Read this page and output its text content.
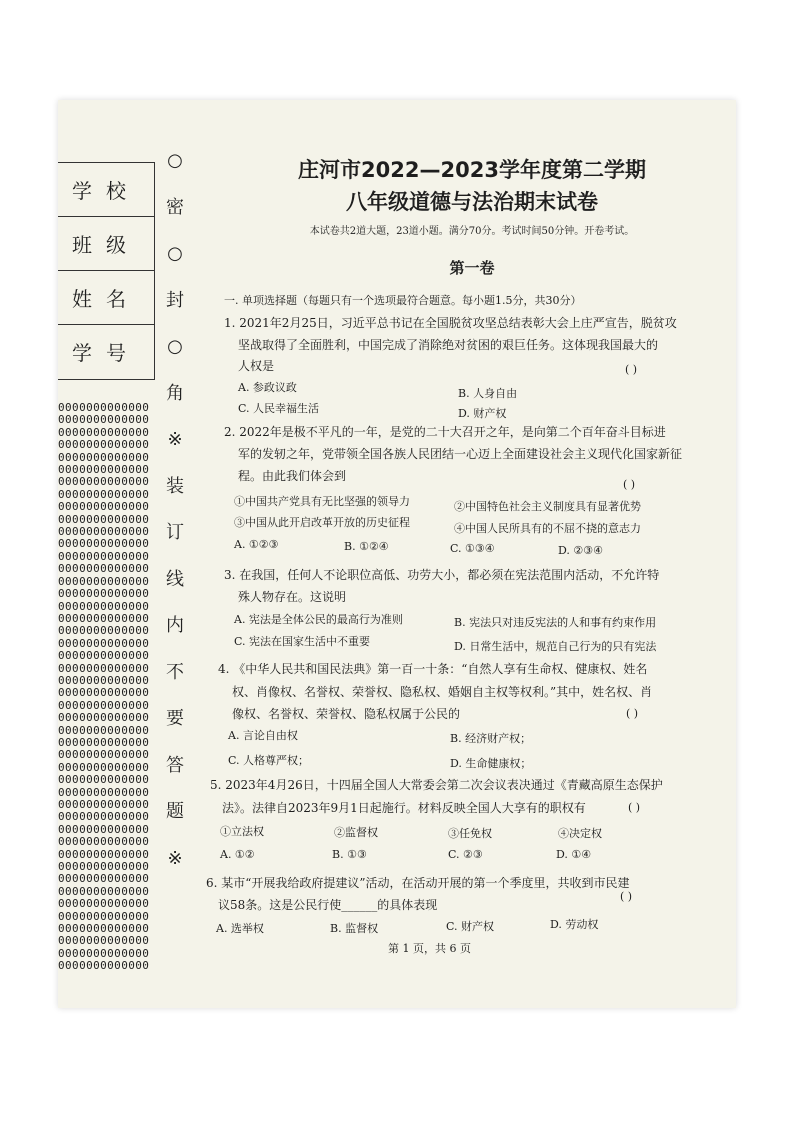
学校
班级
姓名
学号
0000000000000
0000000000000
0000000000000
0000000000000
0000000000000
0000000000000
0000000000000
0000000000000
0000000000000
0000000000000
0000000000000
0000000000000
0000000000000
0000000000000
0000000000000
0000000000000
0000000000000
0000000000000
0000000000000
0000000000000
0000000000000
0000000000000
0000000000000
0000000000000
0000000000000
0000000000000
0000000000000
0000000000000
0000000000000
0000000000000
0000000000000
0000000000000
0000000000000
0000000000000
0000000000000
0000000000000
0000000000000
0000000000000
0000000000000
0000000000000
0000000000000
0000000000000
0000000000000
0000000000000
0000000000000
0000000000000
○
密
○
封
○
角
※
装
订
线
内
不
要
答
题
※
庄河市2022—2023学年度第二学期
八年级道德与法治期末试卷
本试卷共2道大题，23道小题。满分70分。考试时间50分钟。开卷考试。
第一卷
一. 单项选择题（每题只有一个选项最符合题意。每小题1.5分，共30分）
1. 2021年2月25日，习近平总书记在全国脱贫攻坚总结表彰大会上庄严宣告，脱贫攻
坚战取得了全面胜利，中国完成了消除绝对贫困的艰巨任务。这体现我国最大的
人权是	( )
A. 参政议政	B. 人身自由
C. 人民幸福生活	D. 财产权
2. 2022年是极不平凡的一年，是党的二十大召开之年，是向第二个百年奋斗目标进
军的发轫之年，党带领全国各族人民团结一心迈上全面建设社会主义现代化国家新征
程。由此我们体会到
( )
①中国共产党具有无比坚强的领导力	②中国特色社会主义制度具有显著优势
③中国从此开启改革开放的历史征程	④中国人民所具有的不屈不挠的意志力
A. ①②③	B. ①②④	C. ①③④	D. ②③④
3. 在我国，任何人不论职位高低、功劳大小，都必须在宪法范围内活动，不允许特
殊人物存在。这说明
A. 宪法是全体公民的最高行为准则	B. 宪法只对违反宪法的人和事有约束作用
C. 宪法在国家生活中不重要	D. 日常生活中，规范自己行为的只有宪法
4. 《中华人民共和国民法典》第一百一十条：“自然人享有生命权、健康权、姓名
权、肖像权、名誉权、荣誉权、隐私权、婚姻自主权等权利。”其中，姓名权、肖
像权、名誉权、荣誉权、隐私权属于公民的	( )
A. 言论自由权	B. 经济财产权；
C. 人格尊严权；	D. 生命健康权；
5. 2023年4月26日，十四届全国人大常委会第二次会议表决通过《青藏高原生态保护
法》。法律自2023年9月1日起施行。材料反映全国人大享有的职权有	( )
①立法权	②监督权	③任免权	④决定权
A. ①②	B. ①③	C. ②③	D. ①④
6. 某市“开展我给政府提建议”活动，在活动开展的第一个季度里，共收到市民建
议58条。这是公民行使______的具体表现
( )
A. 选举权	B. 监督权	C. 财产权	D. 劳动权
第 1 页，共 6 页
